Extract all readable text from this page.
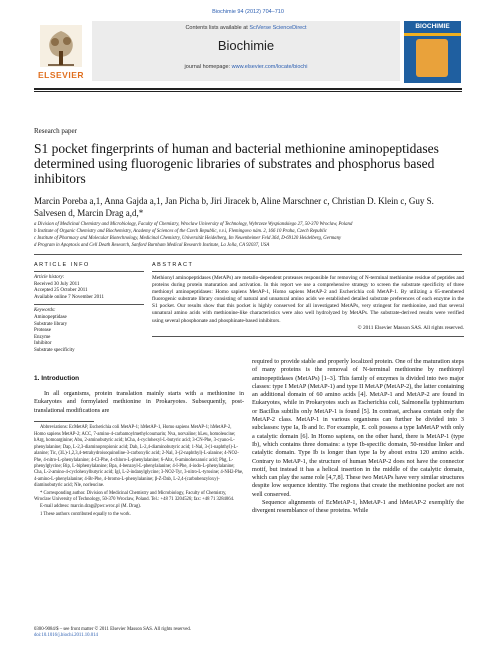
Biochimie 94 (2012) 704–710
ELSEVIER
Contents lists available at SciVerse ScienceDirect
Biochimie
journal homepage: www.elsevier.com/locate/biochi
BIOCHIMIE
Research paper
S1 pocket fingerprints of human and bacterial methionine aminopeptidases determined using fluorogenic libraries of substrates and phosphorus based inhibitors
Marcin Poreba a,1, Anna Gajda a,1, Jan Picha b, Jiri Jiracek b, Aline Marschner c, Christian D. Klein c, Guy S. Salvesen d, Marcin Drag a,d,*
a Division of Medicinal Chemistry and Microbiology, Faculty of Chemistry, Wroclaw University of Technology, Wybrzeze Wyspianskiego 27, 50-370 Wroclaw, Poland
b Institute of Organic Chemistry and Biochemistry, Academy of Sciences of the Czech Republic, v.v.i, Flemingovo nám. 2, 166 10 Praha, Czech Republic
c Institute of Pharmacy and Molecular Biotechnology, Medicinal Chemistry, Universität Heidelberg, Im Neuenheimer Feld 364, D-69120 Heidelberg, Germany
d Program in Apoptosis and Cell Death Research, Sanford Burnham Medical Research Institute, La Jolla, CA 92037, USA
ARTICLE INFO
Article history:
Received 30 July 2011
Accepted 25 October 2011
Available online 7 November 2011
Keywords:
Aminopeptidase
Substrate library
Protease
Enzyme
Inhibitor
Substrate specificity
ABSTRACT
Methionyl aminopeptidases (MetAPs) are metallo-dependent proteases responsible for removing of N-terminal methionine residue of peptides and proteins during protein maturation and activation. In this report we use a comprehensive strategy to screen the substrate specificity of three methionyl aminopeptidases: Homo sapiens MetAP-1, Homo sapiens MetAP-2 and Escherichia coli MetAP-1. By utilizing a 65-membered fluorogenic substrate library consisting of natural and unnatural amino acids we established detailed substrate preferences of each enzyme in the S1 pocket. Our results show that this pocket is highly conserved for all investigated MetAPs, very stringent for methionine, and that several unnatural amino acids with methionine-like characteristics were also well hydrolyzed by MetAPs. The substrate-derived results were verified using several phosphonate and phosphinate-based inhibitors.
© 2011 Elsevier Masson SAS. All rights reserved.
1. Introduction

In all organisms, protein translation mainly starts with a methionine in Eukaryotes and formylated methionine in Prokaryotes. Subsequently, post-translational modifications are

Abbreviations: EcMetAP, Escherichia coli MetAP-1; hMetAP-1, Homo sapiens MetAP-1; hMetAP-2, Homo sapiens MetAP-2; ACC, 7-amino-4-carbamoylmethylcoumarin; Nva, norvaline; hLeu, homoleucine; hArg, homoarginine; Abu, 2-aminobutyric acid; hCha, 4-cyclohexyl-L-butyric acid; 3-CN-Phe, 3-cyano-L-phenylalanine; Dap, L-2,3-diaminopropionic acid; Dab, L-2,4-diaminobutyric acid; 1-Nal, 3-(1-naphthyl)-L-alanine; Tic, (3L)-1,2,3,4-tetrahydroisoquinoline-3-carboxylic acid; 2-Nal, 3-(2-naphthyl)-L-alanine; 4-NO2-Phe, 4-nitro-L-phenylalanine; 4-Cl-Phe, 4-chloro-L-phenylalanine; 6-Ahx, 6-aminohexanoic acid; Phg, L-phenylglycine; Bip, L-biphenylalanine; Bpa, 4-benzoyl-L-phenylalanine; 4-I-Phe, 4-iodo-L-phenylalanine; Cha, L-2-amino-4-cyclohexylbutyric acid; Igl, L-2-indanylglycine; 3-NO2-Tyr, 3-nitro-L-tyrosine; 4-NH2-Phe, 4-amino-L-phenylalanine; 4-Br-Phe, 4-bromo-L-phenylalanine; β-Z-Dab, L-2,4-(carbobenzyloxy)-diaminobutyric acid; Nle, norleucine.

* Corresponding author. Division of Medicinal Chemistry and Microbiology, Faculty of Chemistry, Wroclaw University of Technology, 50-370 Wroclaw, Poland. Tel.: +48 71 3204526; fax: +48 71 3284064.

E-mail address: marcin.drag@pwr.wroc.pl (M. Drag).

1 These authors contributed equally to the work.

required to provide stable and properly localized protein. One of the maturation steps of many proteins is the removal of N-terminal methionine by methionyl aminopeptidases (MetAPs) [1–3]. This family of enzymes is divided into two major classes: type I MetAP (MetAP-1) and type II MetAP (MetAP-2), the latter containing an additional domain of 60 amino acids [4]. MetAP-1 and MetAP-2 are found in Eukaryotes, while in Prokaryotes such as Escherichia coli, Salmonella typhimurium or Bacillus subtilis only MetAP-1 is found [5]. In contrast, archaea contain only the MetAP-2 class. MetAP-1 in various organisms can further be divided into 3 subclasses: type Ia, Ib and Ic. For example, E. coli possess a type IaMetAP with only a catalytic domain [6]. In Homo sapiens, on the other hand, there is MetAP-1 (type Ib), which contains three domains: a type Ib-specific domain, 50-residue linker and catalytic domain. Type Ib is longer than type Ia by about extra 120 amino acids. Contrary to MetAP-1, the structure of human MetAP-2 does not have the connector motif, but instead it has a helical insertion in the middle of the catalytic domain, which can play the same role [4,7,8]. These two MetAPs have very similar structures despite low sequence identity. The regions that create the methionine pocket are not well conserved.

Sequence alignments of EcMetAP-1, hMetAP-1 and hMetAP-2 exemplify the divergent resemblance of these proteins. While

0300-9084/$ – see front matter © 2011 Elsevier Masson SAS. All rights reserved.
doi:10.1016/j.biochi.2011.10.014
